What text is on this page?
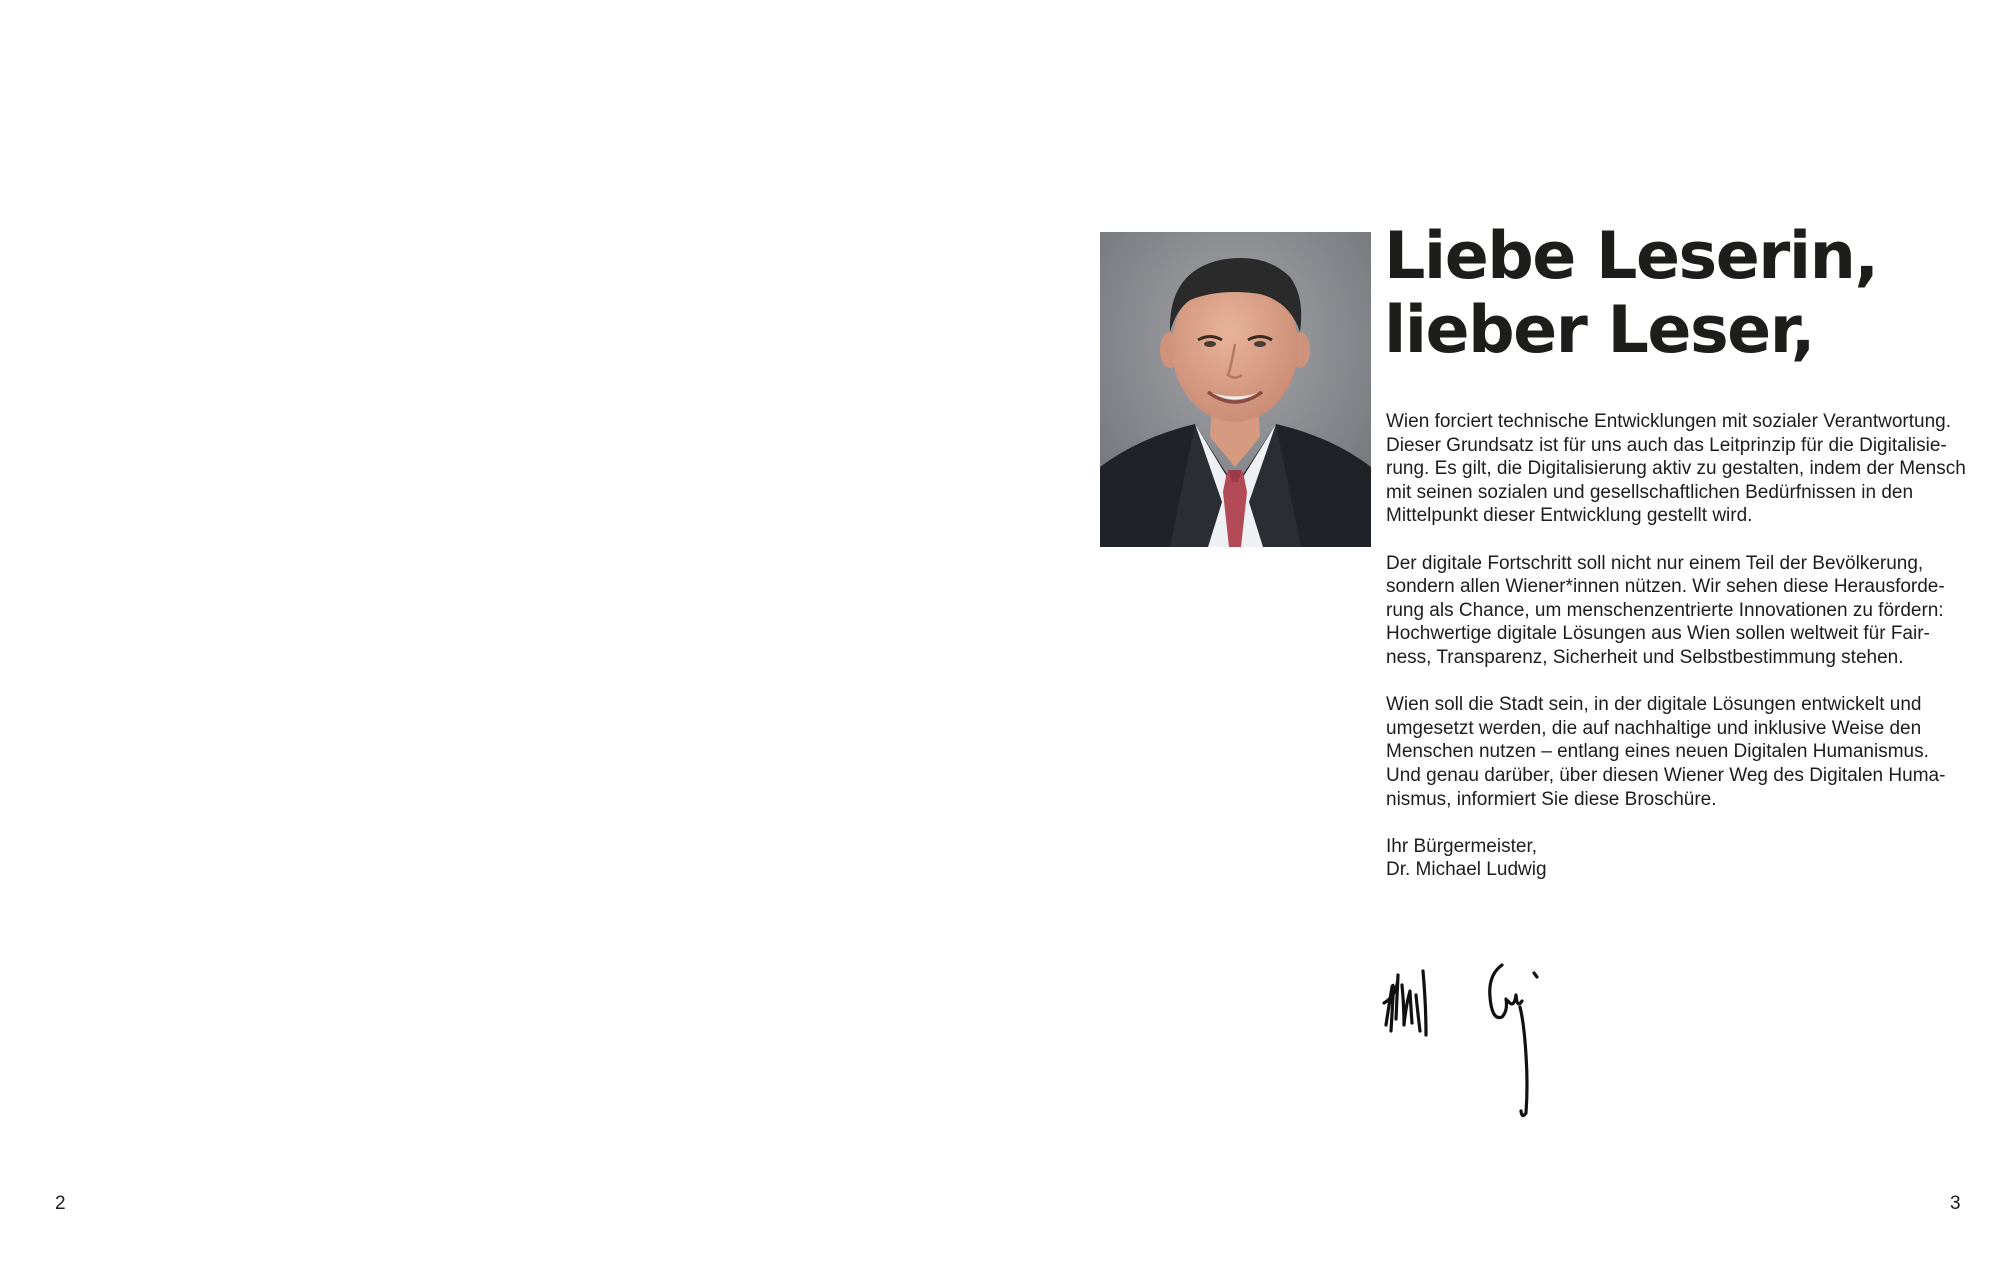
Liebe Leserin,
lieber Leser,

Wien forciert technische Entwicklungen mit sozialer Verantwortung.
Dieser Grundsatz ist für uns auch das Leitprinzip für die Digitalisie-
rung. Es gilt, die Digitalisierung aktiv zu gestalten, indem der Mensch
mit seinen sozialen und gesellschaftlichen Bedürfnissen in den
Mittelpunkt dieser Entwicklung gestellt wird.

Der digitale Fortschritt soll nicht nur einem Teil der Bevölkerung,
sondern allen Wiener*innen nützen. Wir sehen diese Herausforde-
rung als Chance, um menschenzentrierte Innovationen zu fördern:
Hochwertige digitale Lösungen aus Wien sollen weltweit für Fair-
ness, Transparenz, Sicherheit und Selbstbestimmung stehen.

Wien soll die Stadt sein, in der digitale Lösungen entwickelt und
umgesetzt werden, die auf nachhaltige und inklusive Weise den
Menschen nutzen – entlang eines neuen Digitalen Humanismus.
Und genau darüber, über diesen Wiener Weg des Digitalen Huma-
nismus, informiert Sie diese Broschüre.

Ihr Bürgermeister,
Dr. Michael Ludwig

2	3
